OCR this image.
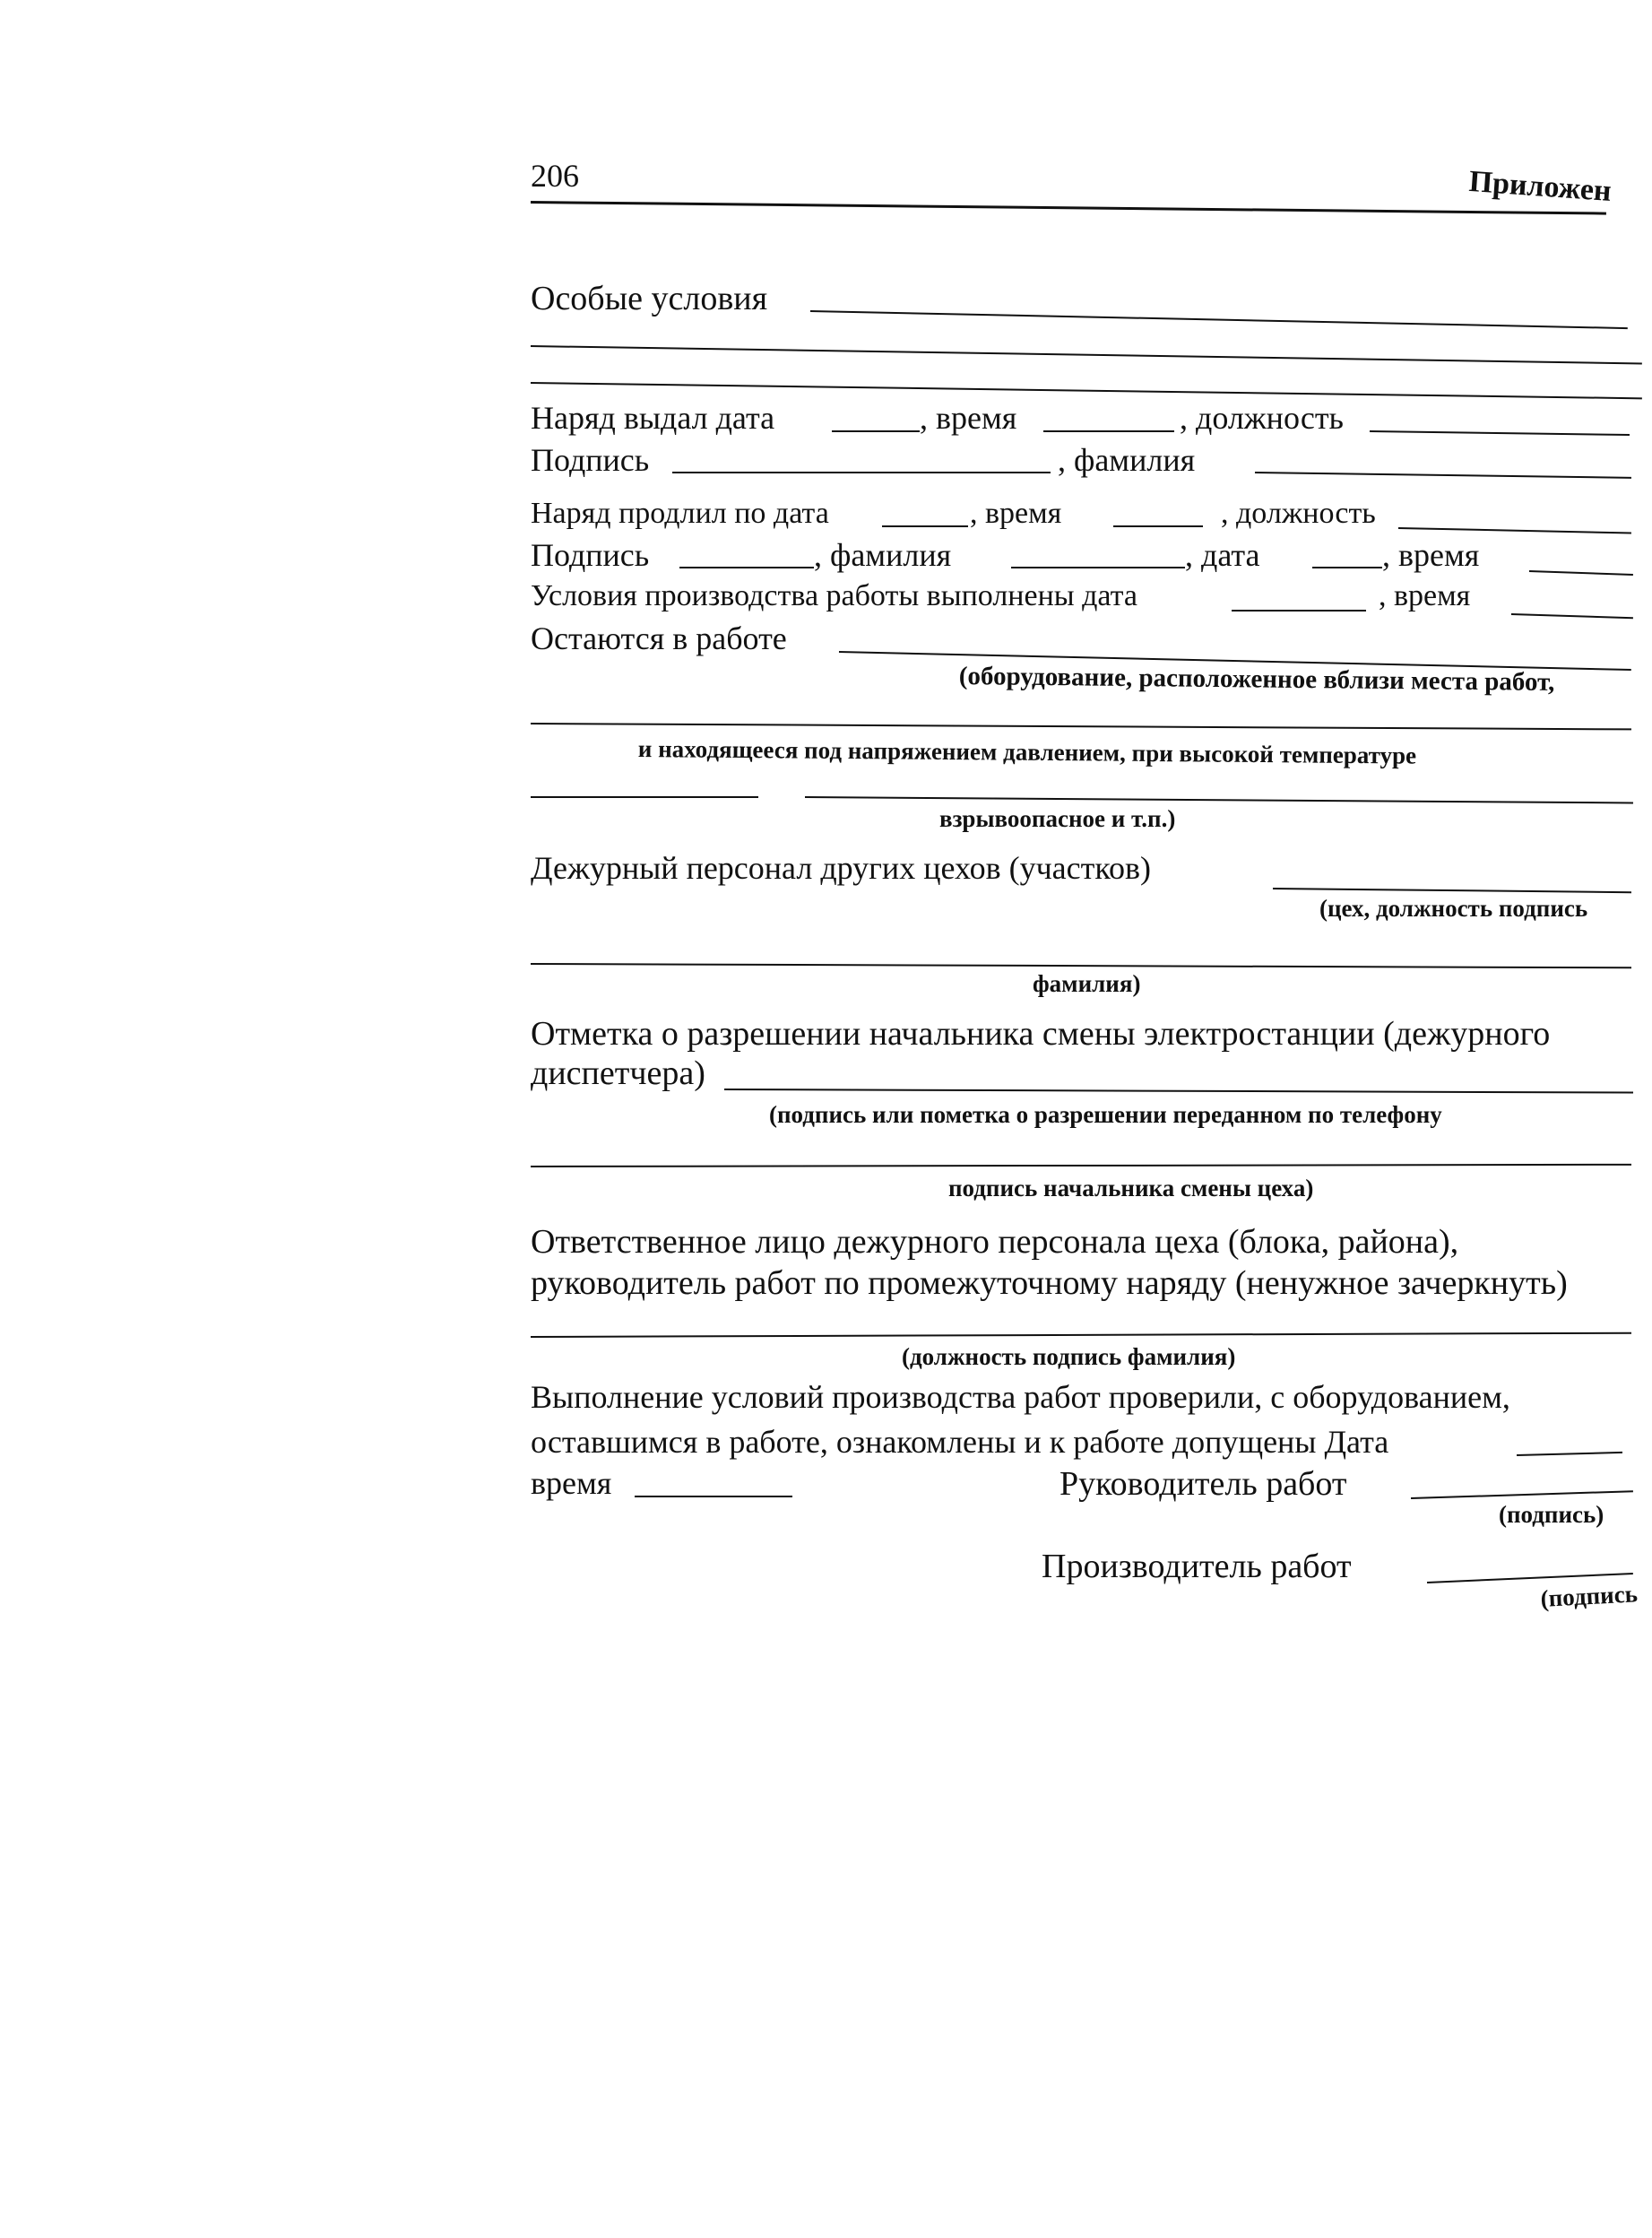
206	Приложен
Особые условия
Наряд выдал дата	, время	, должность
Подпись	, фамилия
Наряд продлил по дата	, время	, должность
Подпись	, фамилия	, дата	, время
Условия производства работы выполнены дата	, время
Остаются в работе
(оборудование, расположенное вблизи места работ,
и находящееся под напряжением давлением, при высокой температуре
взрывоопасное и т.п.)
Дежурный персонал других цехов (участков)
(цех, должность подпись
фамилия)
Отметка о разрешении начальника смены электростанции (дежурного
диспетчера)
(подпись или пометка о разрешении переданном по телефону
подпись начальника смены цеха)
Ответственное лицо дежурного персонала цеха (блока, района),
руководитель работ по промежуточному наряду (ненужное зачеркнуть)
(должность подпись фамилия)
Выполнение условий производства работ проверили, с оборудованием,
оставшимся в работе, ознакомлены и к работе допущены Дата
время	Руководитель работ
(подпись)
Производитель работ
(подпись
